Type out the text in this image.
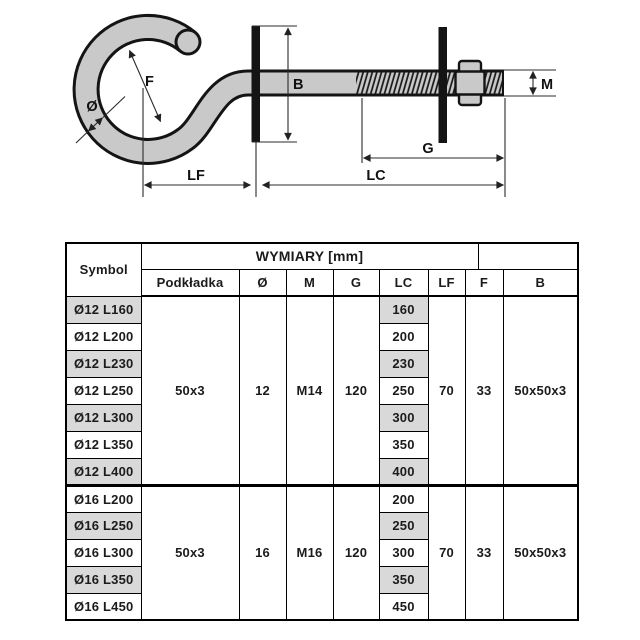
F
Ø
B	M
G
LF	LC
Symbol	WYMIARY [mm]								
	Podkładka	Ø	M	G	LC	LF	F		B
Ø12 L160	50x3	12	M14	120	160	70	33		50x50x3
Ø12 L200					200				
Ø12 L230					230				
Ø12 L250					250				
Ø12 L300					300				
Ø12 L350					350				
Ø12 L400					400				
Ø16 L200	50x3	16	M16	120	200	70	33		50x50x3
Ø16 L250					250				
Ø16 L300					300				
Ø16 L350					350				
Ø16 L450					450				
